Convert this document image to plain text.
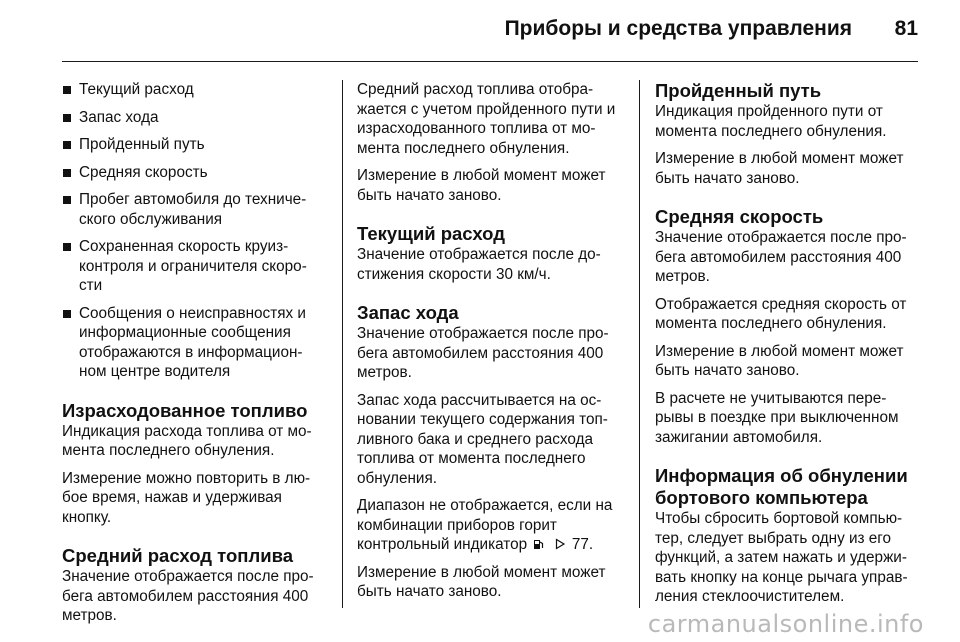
Приборы и средства управления 81
Текущий расход
Запас хода
Пройденный путь
Средняя скорость
Пробег автомобиля до техниче-ского обслуживания
Сохраненная скорость круиз-контроля и ограничителя скоро-сти
Сообщения о неисправностях и информационные сообщения отображаются в информацион-ном центре водителя
Израсходованное топливо

Индикация расхода топлива от мо-мента последнего обнуления.

Измерение можно повторить в лю-бое время, нажав и удерживая кнопку.

Средний расход топлива

Значение отображается после про-бега автомобилем расстояния 400 метров.

Средний расход топлива отобра-жается с учетом пройденного пути и израсходованного топлива от мо-мента последнего обнуления.

Измерение в любой момент может быть начато заново.

Текущий расход

Значение отображается после до-стижения скорости 30 км/ч.

Запас хода

Значение отображается после про-бега автомобилем расстояния 400 метров.

Запас хода рассчитывается на ос-новании текущего содержания топ-ливного бака и среднего расхода топлива от момента последнего обнуления.

Диапазон не отображается, если на комбинации приборов горит контрольный индикатор	77.

Измерение в любой момент может быть начато заново.

Пройденный путь

Индикация пройденного пути от момента последнего обнуления.

Измерение в любой момент может быть начато заново.

Средняя скорость

Значение отображается после про-бега автомобилем расстояния 400 метров.

Отображается средняя скорость от момента последнего обнуления.

Измерение в любой момент может быть начато заново.

В расчете не учитываются пере-рывы в поездке при выключенном зажигании автомобиля.

Информация об обнулении бортового компьютера

Чтобы сбросить бортовой компью-тер, следует выбрать одну из его функций, а затем нажать и удержи-вать кнопку на конце рычага управ-ления стеклоочистителем.

carmanualsonline.info
